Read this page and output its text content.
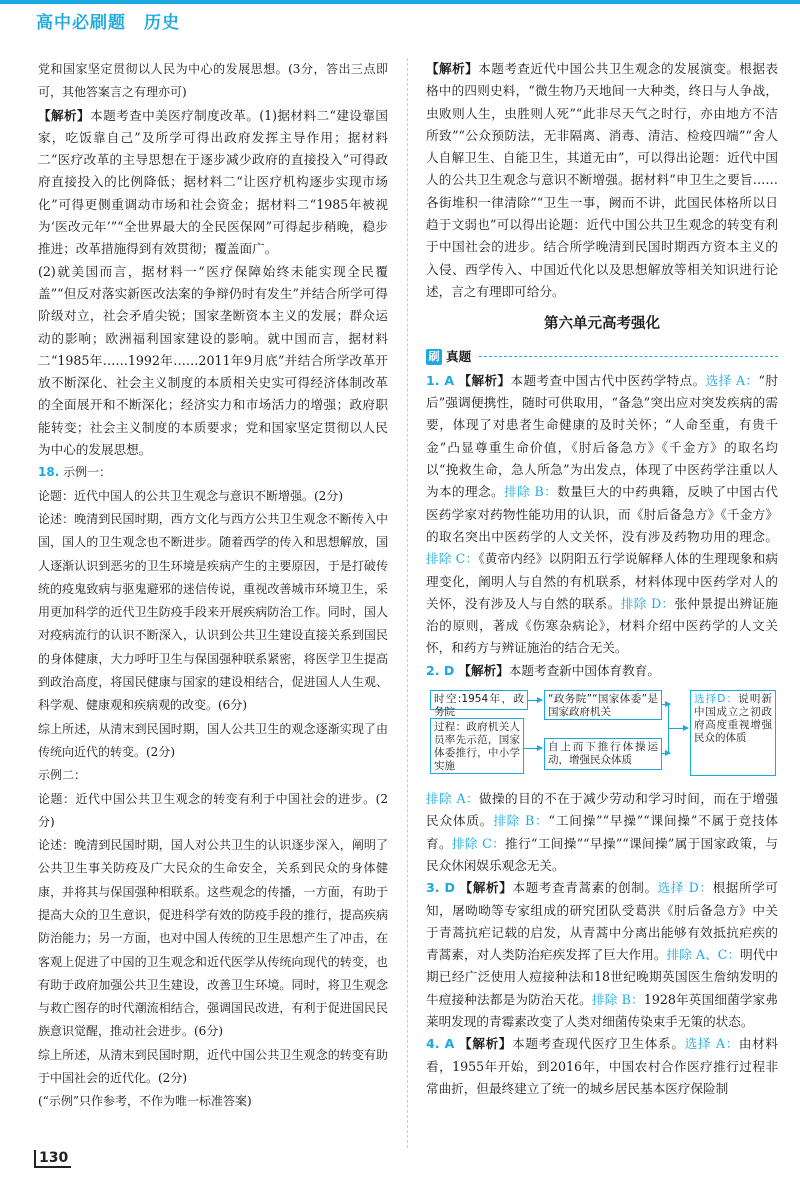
高中必刷题　历史

党和国家坚定贯彻以人民为中心的发展思想。(3分，答出三点即可，其他答案言之有理亦可)

【解析】本题考查中美医疗制度改革。(1)据材料二“建设靠国家，吃饭靠自己”及所学可得出政府发挥主导作用；据材料二“医疗改革的主导思想在于逐步减少政府的直接投入”可得政府直接投入的比例降低；据材料二“让医疗机构逐步实现市场化”可得更侧重调动市场和社会资金；据材料二“1985年被视为‘医改元年’”“全世界最大的全民医保网”可得起步稍晚，稳步推进；改革措施得到有效贯彻；覆盖面广。

(2)就美国而言，据材料一“医疗保障始终未能实现全民覆盖”“但反对落实新医改法案的争辩仍时有发生”并结合所学可得阶级对立，社会矛盾尖锐；国家垄断资本主义的发展；群众运动的影响；欧洲福利国家建设的影响。就中国而言，据材料二“1985年……1992年……2011年9月底”并结合所学改革开放不断深化、社会主义制度的本质相关史实可得经济体制改革的全面展开和不断深化；经济实力和市场活力的增强；政府职能转变；社会主义制度的本质要求；党和国家坚定贯彻以人民为中心的发展思想。

18. 示例一：

论题：近代中国人的公共卫生观念与意识不断增强。(2分)

论述：晚清到民国时期，西方文化与西方公共卫生观念不断传入中国，国人的卫生观念也不断进步。随着西学的传入和思想解放，国人逐渐认识到恶劣的卫生环境是疾病产生的主要原因，于是打破传统的疫鬼致病与驱鬼避邪的迷信传说，重视改善城市环境卫生，采用更加科学的近代卫生防疫手段来开展疾病防治工作。同时，国人对疫病流行的认识不断深入，认识到公共卫生建设直接关系到国民的身体健康，大力呼吁卫生与保国强种联系紧密，将医学卫生提高到政治高度，将国民健康与国家的建设相结合，促进国人人生观、科学观、健康观和疾病观的改变。(6分)

综上所述，从清末到民国时期，国人公共卫生的观念逐渐实现了由传统向近代的转变。(2分)

示例二：

论题：近代中国公共卫生观念的转变有利于中国社会的进步。(2分)

论述：晚清到民国时期，国人对公共卫生的认识逐步深入，阐明了公共卫生事关防疫及广大民众的生命安全，关系到民众的身体健康，并将其与保国强种相联系。这些观念的传播，一方面，有助于提高大众的卫生意识，促进科学有效的防疫手段的推行，提高疾病防治能力；另一方面，也对中国人传统的卫生思想产生了冲击，在客观上促进了中国的卫生观念和近代医学从传统向现代的转变，也有助于政府加强公共卫生建设，改善卫生环境。同时，将卫生观念与救亡图存的时代潮流相结合，强调国民改进，有利于促进国民民族意识觉醒，推动社会进步。(6分)

综上所述，从清末到民国时期，近代中国公共卫生观念的转变有助于中国社会的近代化。(2分)

(“示例”只作参考，不作为唯一标准答案)

【解析】本题考查近代中国公共卫生观念的发展演变。根据表格中的四则史料，“微生物乃天地间一大种类，终日与人争战，虫败则人生，虫胜则人死”“此非尽天气之时行，亦由地方不洁所致”“公众预防法，无非隔离、消毒、清洁、检疫四端”“舍人人自解卫生、自能卫生，其道无由”，可以得出论题：近代中国人的公共卫生观念与意识不断增强。据材料“申卫生之要旨……各街堆积一律清除”“卫生一事，阙而不讲，此国民体格所以日趋于文弱也”可以得出论题：近代中国公共卫生观念的转变有利于中国社会的进步。结合所学晚清到民国时期西方资本主义的入侵、西学传入、中国近代化以及思想解放等相关知识进行论述，言之有理即可给分。

第六单元高考强化
刷 真题

1. A 【解析】本题考查中国古代中医药学特点。选择 A：“肘后”强调便携性，随时可供取用，“备急”突出应对突发疾病的需要，体现了对患者生命健康的及时关怀；“人命至重，有贵千金”凸显尊重生命价值，《肘后备急方》《千金方》的取名均以“挽救生命，急人所急”为出发点，体现了中医药学注重以人为本的理念。排除 B：数量巨大的中药典籍，反映了中国古代医药学家对药物性能功用的认识，而《肘后备急方》《千金方》的取名突出中医药学的人文关怀，没有涉及药物功用的理念。排除 C：《黄帝内经》以阴阳五行学说解释人体的生理现象和病理变化，阐明人与自然的有机联系，材料体现中医药学对人的关怀，没有涉及人与自然的联系。排除 D：张仲景提出辨证施治的原则，著成《伤寒杂病论》，材料介绍中医药学的人文关怀，和药方与辨证施治的结合无关。

2. D 【解析】本题考查新中国体育教育。

时空:1954年，政务院
“政务院”“国家体委”是国家政府机关
过程：政府机关人员率先示范，国家体委推行，中小学实施
自上而下推行体操运动，增强民众体质
选择D：说明新中国成立之初政府高度重视增强民众的体质

排除 A：做操的目的不在于减少劳动和学习时间，而在于增强民众体质。排除 B：“工间操”“早操”“课间操”不属于竞技体育。排除 C：推行“工间操”“早操”“课间操”属于国家政策，与民众休闲娱乐观念无关。

3. D 【解析】本题考查青蒿素的创制。选择 D：根据所学可知，屠呦呦等专家组成的研究团队受葛洪《肘后备急方》中关于青蒿抗疟记载的启发，从青蒿中分离出能够有效抵抗疟疾的青蒿素，对人类防治疟疾发挥了巨大作用。排除 A、C：明代中期已经广泛使用人痘接种法和18世纪晚期英国医生詹纳发明的牛痘接种法都是为防治天花。排除 B：1928年英国细菌学家弗莱明发现的青霉素改变了人类对细菌传染束手无策的状态。

4. A 【解析】本题考查现代医疗卫生体系。选择 A：由材料看，1955年开始，到2016年，中国农村合作医疗推行过程非常曲折，但最终建立了统一的城乡居民基本医疗保险制

130
